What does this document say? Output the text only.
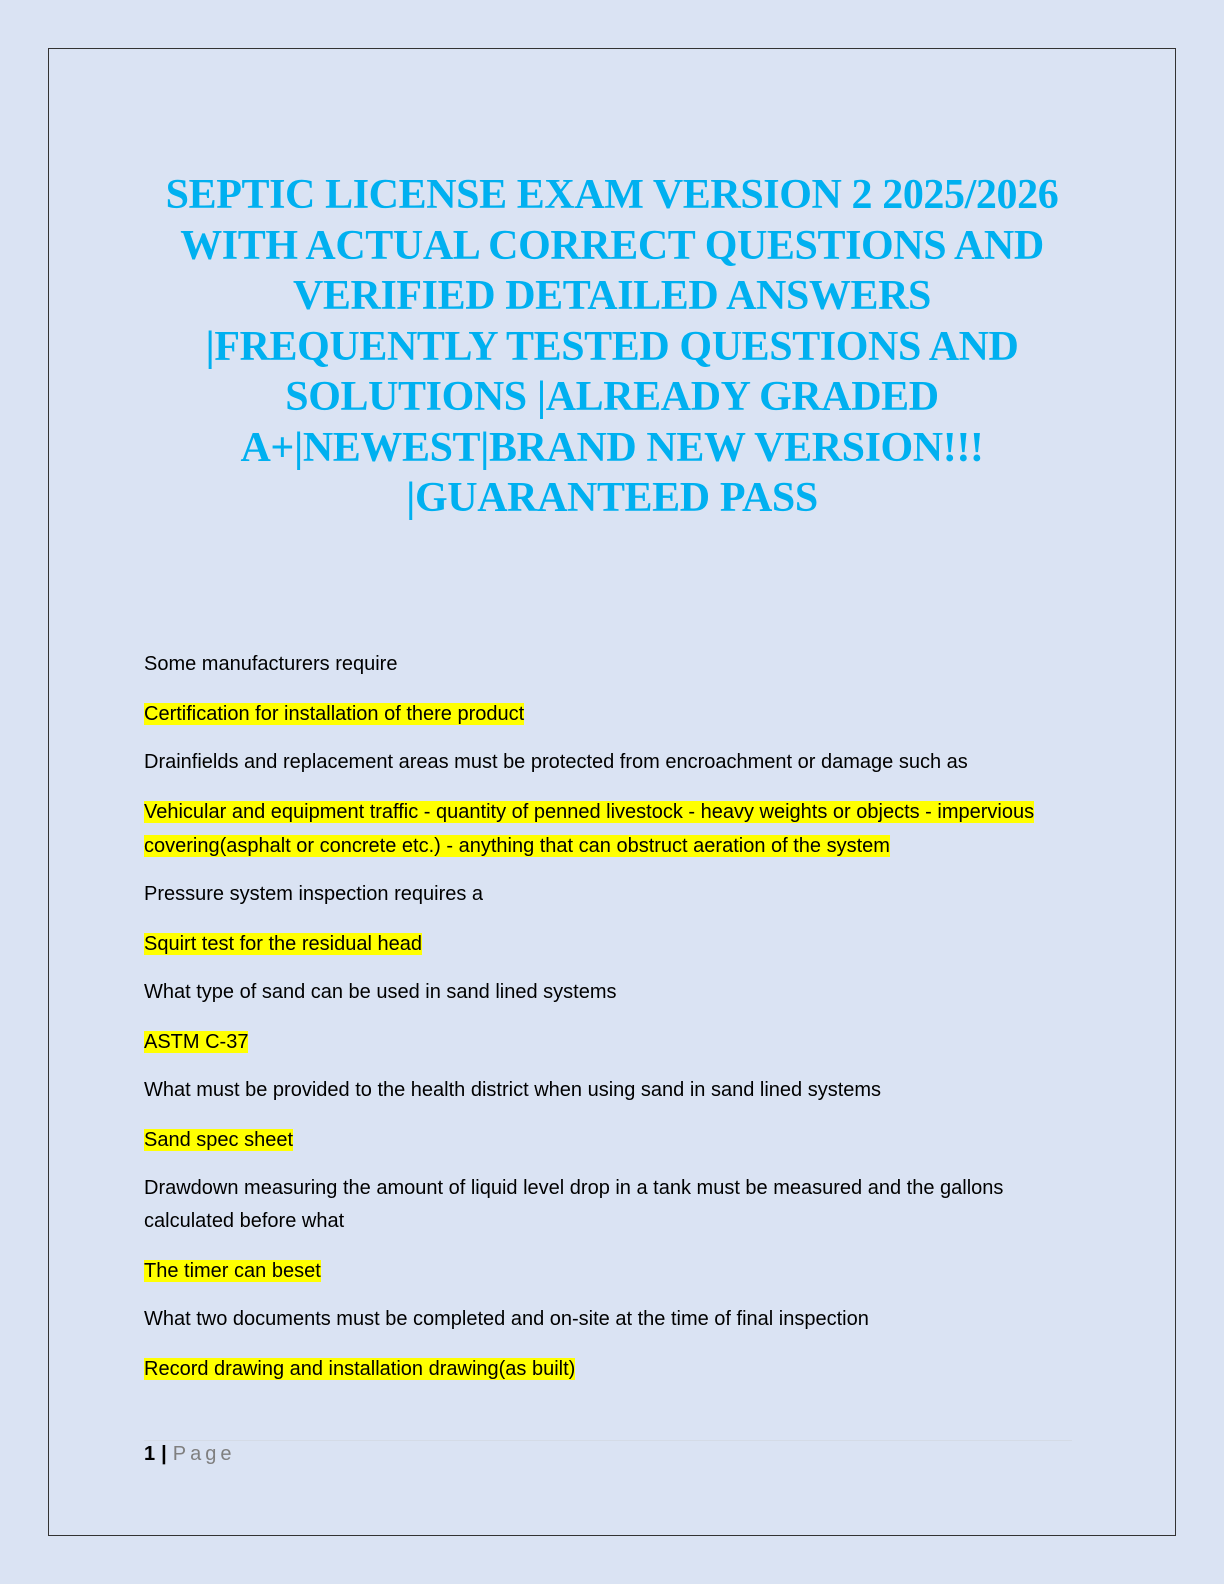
SEPTIC LICENSE EXAM VERSION 2 2025/2026
WITH ACTUAL CORRECT QUESTIONS AND
VERIFIED DETAILED ANSWERS
|FREQUENTLY TESTED QUESTIONS AND
SOLUTIONS |ALREADY GRADED
A+|NEWEST|BRAND NEW VERSION!!!
|GUARANTEED PASS

Some manufacturers require

Certification for installation of there product

Drainfields and replacement areas must be protected from encroachment or damage such as

Vehicular and equipment traffic - quantity of penned livestock - heavy weights or objects - impervious covering(asphalt or concrete etc.) - anything that can obstruct aeration of the system

Pressure system inspection requires a

Squirt test for the residual head

What type of sand can be used in sand lined systems

ASTM C-37

What must be provided to the health district when using sand in sand lined systems

Sand spec sheet

Drawdown measuring the amount of liquid level drop in a tank must be measured and the gallons calculated before what

The timer can beset

What two documents must be completed and on-site at the time of final inspection

Record drawing and installation drawing(as built)

1 | Page
